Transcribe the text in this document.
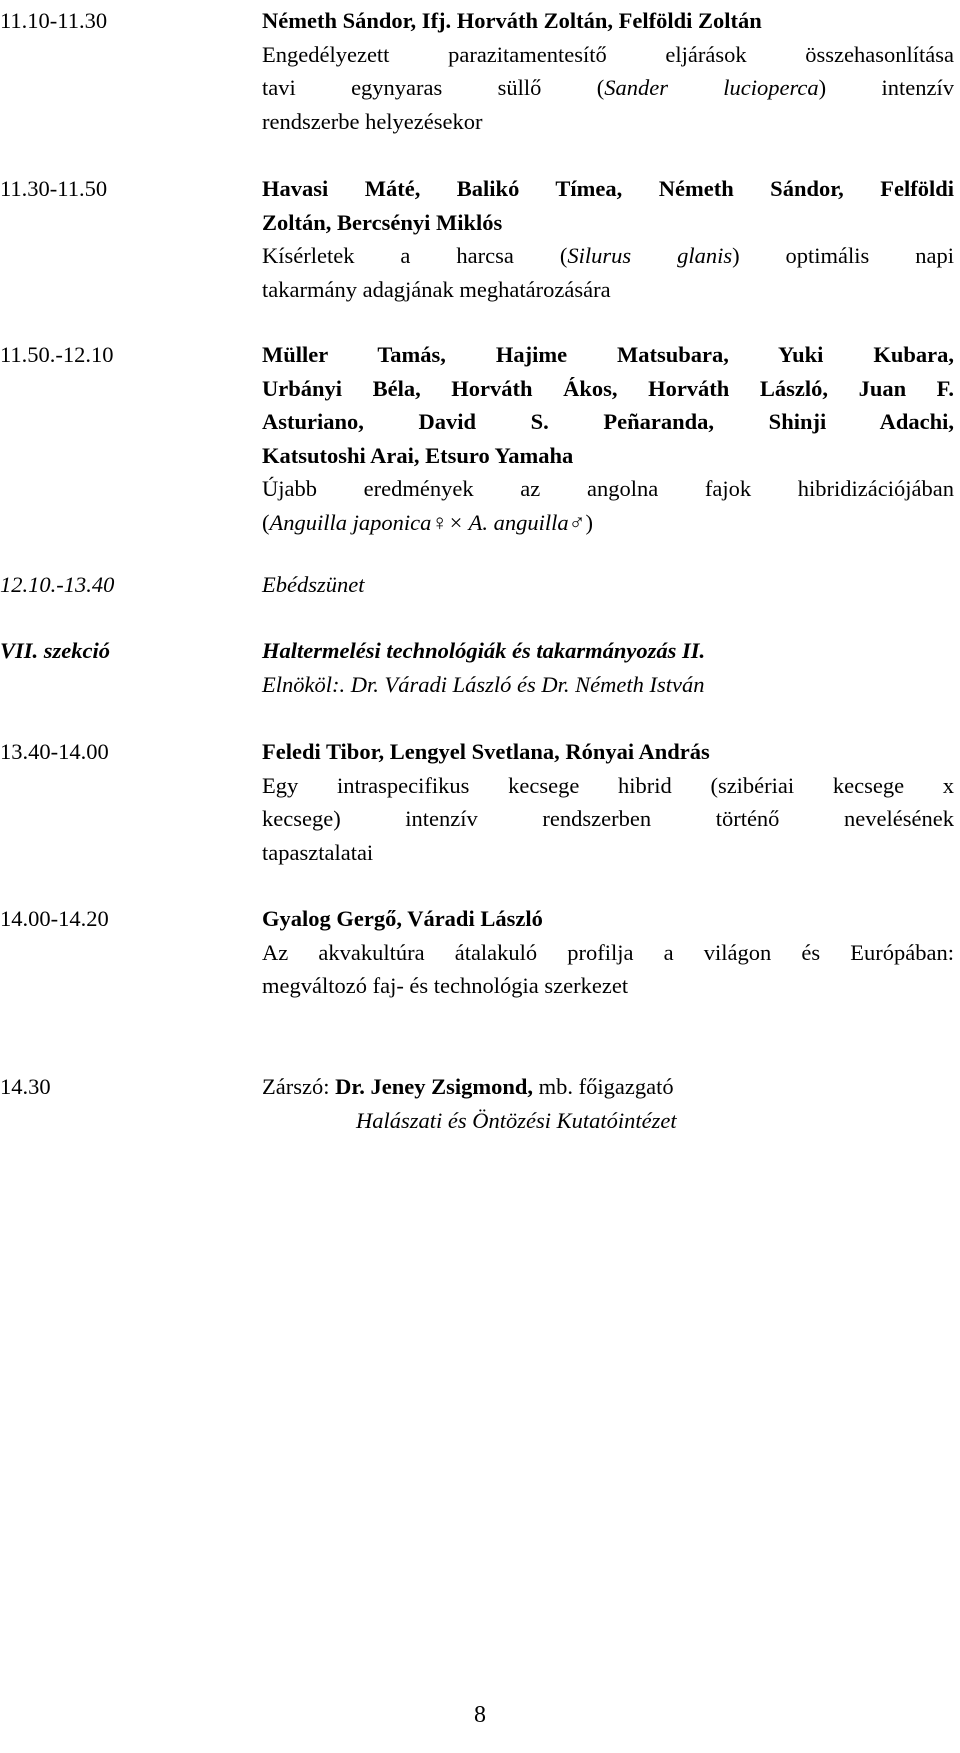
11.10-11.30	Németh Sándor, Ifj. Horváth Zoltán, Felföldi Zoltán
Engedélyezett parazitamentesítő eljárások összehasonlítása
tavi egynyaras süllő (Sander lucioperca) intenzív
rendszerbe helyezésekor
11.30-11.50	Havasi Máté, Balikó Tímea, Németh Sándor, Felföldi
Zoltán, Bercsényi Miklós
Kísérletek a harcsa (Silurus glanis) optimális napi
takarmány adagjának meghatározására
11.50.-12.10	Müller Tamás, Hajime Matsubara, Yuki Kubara,
Urbányi Béla, Horváth Ákos, Horváth László, Juan F.
Asturiano, David S. Peñaranda, Shinji Adachi,
Katsutoshi Arai, Etsuro Yamaha
Újabb eredmények az angolna fajok hibridizációjában
(Anguilla japonica♀× A. anguilla♂)
12.10.-13.40	Ebédszünet
VII. szekció	Haltermelési technológiák és takarmányozás II.
Elnököl:. Dr. Váradi László és Dr. Németh István
13.40-14.00	Feledi Tibor, Lengyel Svetlana, Rónyai András
Egy intraspecifikus kecsege hibrid (szibériai kecsege x
kecsege) intenzív rendszerben történő nevelésének
tapasztalatai
14.00-14.20	Gyalog Gergő, Váradi László
Az akvakultúra átalakuló profilja a világon és Európában:
megváltozó faj- és technológia szerkezet
14.30	Zárszó: Dr. Jeney Zsigmond, mb. főigazgató
Halászati és Öntözési Kutatóintézet
8
